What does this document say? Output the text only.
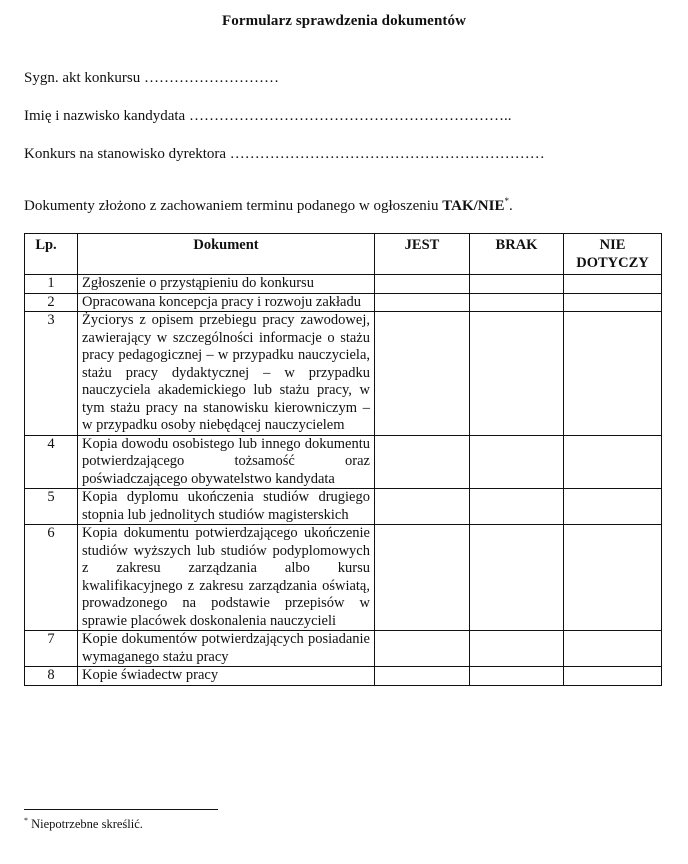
Formularz sprawdzenia dokumentów
Sygn. akt konkursu ………………………
Imię i nazwisko kandydata ………………………………………………………..
Konkurs na stanowisko dyrektora ………………………………………………………
Dokumenty złożono z zachowaniem terminu podanego w ogłoszeniu TAK/NIE*.
Lp.	Dokument	JEST	BRAK	NIE DOTYCZY
1	Zgłoszenie o przystąpieniu do konkursu			
2	Opracowana koncepcja pracy i rozwoju zakładu			
3	Życiorys z opisem przebiegu pracy zawodowej, zawierający w szczególności informacje o stażu pracy pedagogicznej – w przypadku nauczyciela, stażu pracy dydaktycznej – w przypadku nauczyciela akademickiego lub stażu pracy, w tym stażu pracy na stanowisku kierowniczym – w przypadku osoby niebędącej nauczycielem			
4	Kopia dowodu osobistego lub innego dokumentu potwierdzającego tożsamość oraz poświadczającego obywatelstwo kandydata			
5	Kopia dyplomu ukończenia studiów drugiego stopnia lub jednolitych studiów magisterskich			
6	Kopia dokumentu potwierdzającego ukończenie studiów wyższych lub studiów podyplomowych z zakresu zarządzania albo kursu kwalifikacyjnego z zakresu zarządzania oświatą, prowadzonego na podstawie przepisów w sprawie placówek doskonalenia nauczycieli			
7	Kopie dokumentów potwierdzających posiadanie wymaganego stażu pracy			
8	Kopie świadectw pracy			
* Niepotrzebne skreślić.
